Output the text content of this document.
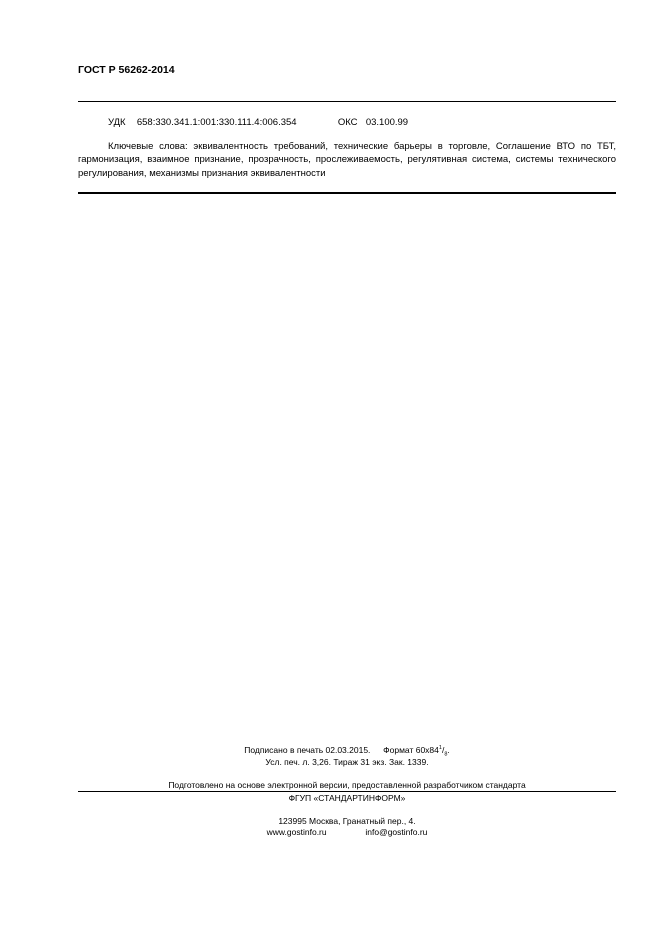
ГОСТ Р 56262-2014
УДК 658:330.341.1:001:330.111.4:006.354	ОКС 03.100.99
Ключевые слова: эквивалентность требований, технические барьеры в торговле, Соглашение ВТО по ТБТ, гармонизация, взаимное признание, прозрачность, прослеживаемость, регулятивная система, системы технического регулирования, механизмы признания эквивалентности
Подписано в печать 02.03.2015. Формат $60x84^1/_8$.
Усл. печ. л. 3,26. Тираж 31 экз. Зак. 1339.
Подготовлено на основе электронной версии, предоставленной разработчиком стандарта
ФГУП «СТАНДАРТИНФОРМ»
123995 Москва, Гранатный пер., 4.
www.gostinfo.ru	info@gostinfo.ru
